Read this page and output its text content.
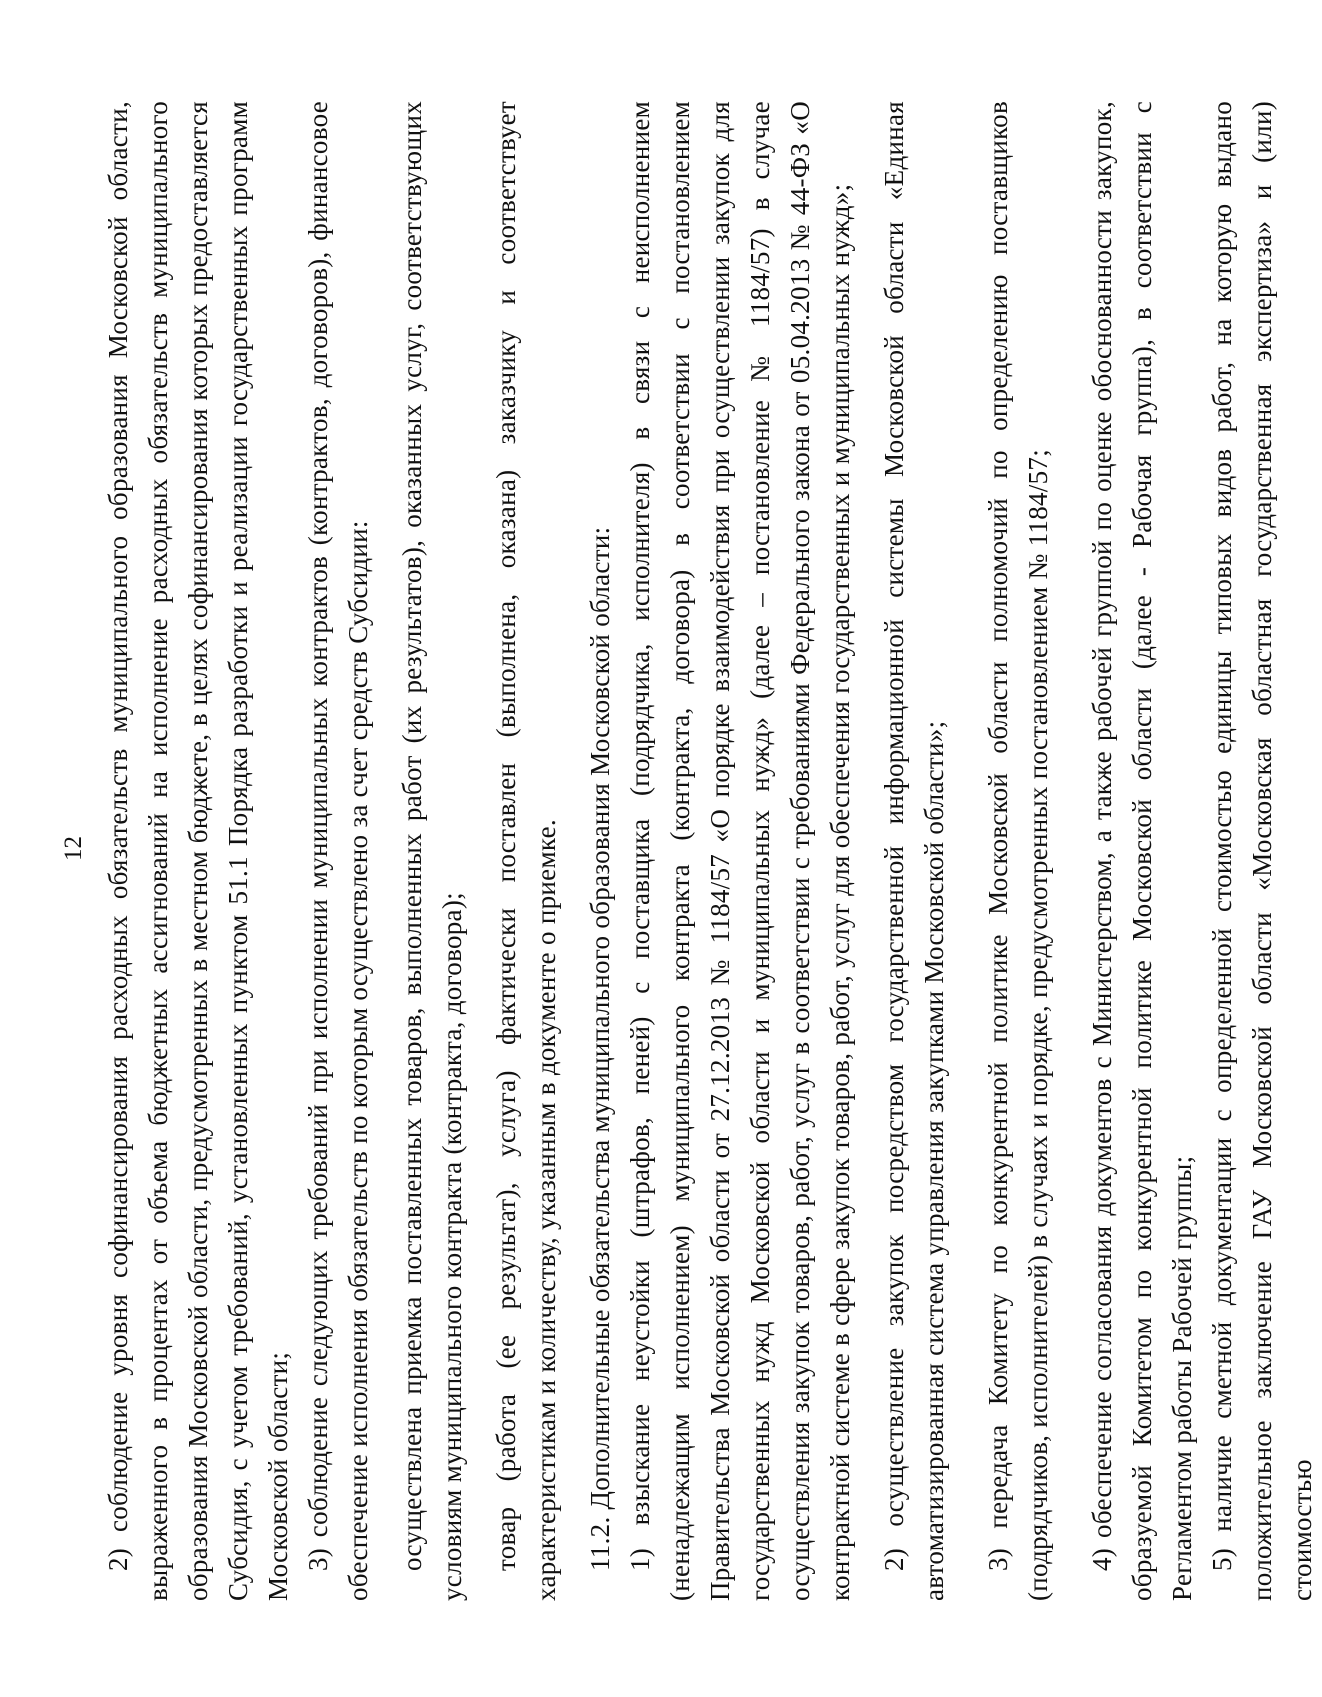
12 2) соблюдение уровня софинансирования расходных обязательств муниципального образования Московской области, выраженного в процентах от объема бюджетных ассигнований на исполнение расходных обязательств муниципального образования Московской области, предусмотренных в местном бюджете, в целях софинансирования которых предоставляется Субсидия, с учетом требований, установленных пунктом 51.1 Порядка разработки и реализации государственных программ Московской области; 3) соблюдение следующих требований при исполнении муниципальных контрактов (контрактов, договоров), финансовое обеспечение исполнения обязательств по которым осуществлено за счет средств Субсидии: осуществлена приемка поставленных товаров, выполненных работ (их результатов), оказанных услуг, соответствующих условиям муниципального контракта (контракта, договора); товар (работа (ее результат), услуга) фактически поставлен (выполнена, оказана) заказчику и соответствует характеристикам и количеству, указанным в документе о приемке. 11.2. Дополнительные обязательства муниципального образования Московской области: 1) взыскание неустойки (штрафов, пеней) с поставщика (подрядчика, исполнителя) в связи с неисполнением (ненадлежащим исполнением) муниципального контракта (контракта, договора) в соответствии с постановлением Правительства Московской области от 27.12.2013 № 1184/57 «О порядке взаимодействия при осуществлении закупок для государственных нужд Московской области и муниципальных нужд» (далее – постановление № 1184/57) в случае осуществления закупок товаров, работ, услуг в соответствии с требованиями Федерального закона от 05.04.2013 № 44-ФЗ «О контрактной системе в сфере закупок товаров, работ, услуг для обеспечения государственных и муниципальных нужд»; 2) осуществление закупок посредством государственной информационной системы Московской области «Единая автоматизированная система управления закупками Московской области»; 3) передача Комитету по конкурентной политике Московской области полномочий по определению поставщиков (подрядчиков, исполнителей) в случаях и порядке, предусмотренных постановлением № 1184/57; 4) обеспечение согласования документов с Министерством, а также рабочей группой по оценке обоснованности закупок, образуемой Комитетом по конкурентной политике Московской области (далее - Рабочая группа), в соответствии с Регламентом работы Рабочей группы; 5) наличие сметной документации с определенной стоимостью единицы типовых видов работ, на которую выдано положительное заключение ГАУ Московской области «Московская областная государственная экспертиза» и (или) стоимостью
